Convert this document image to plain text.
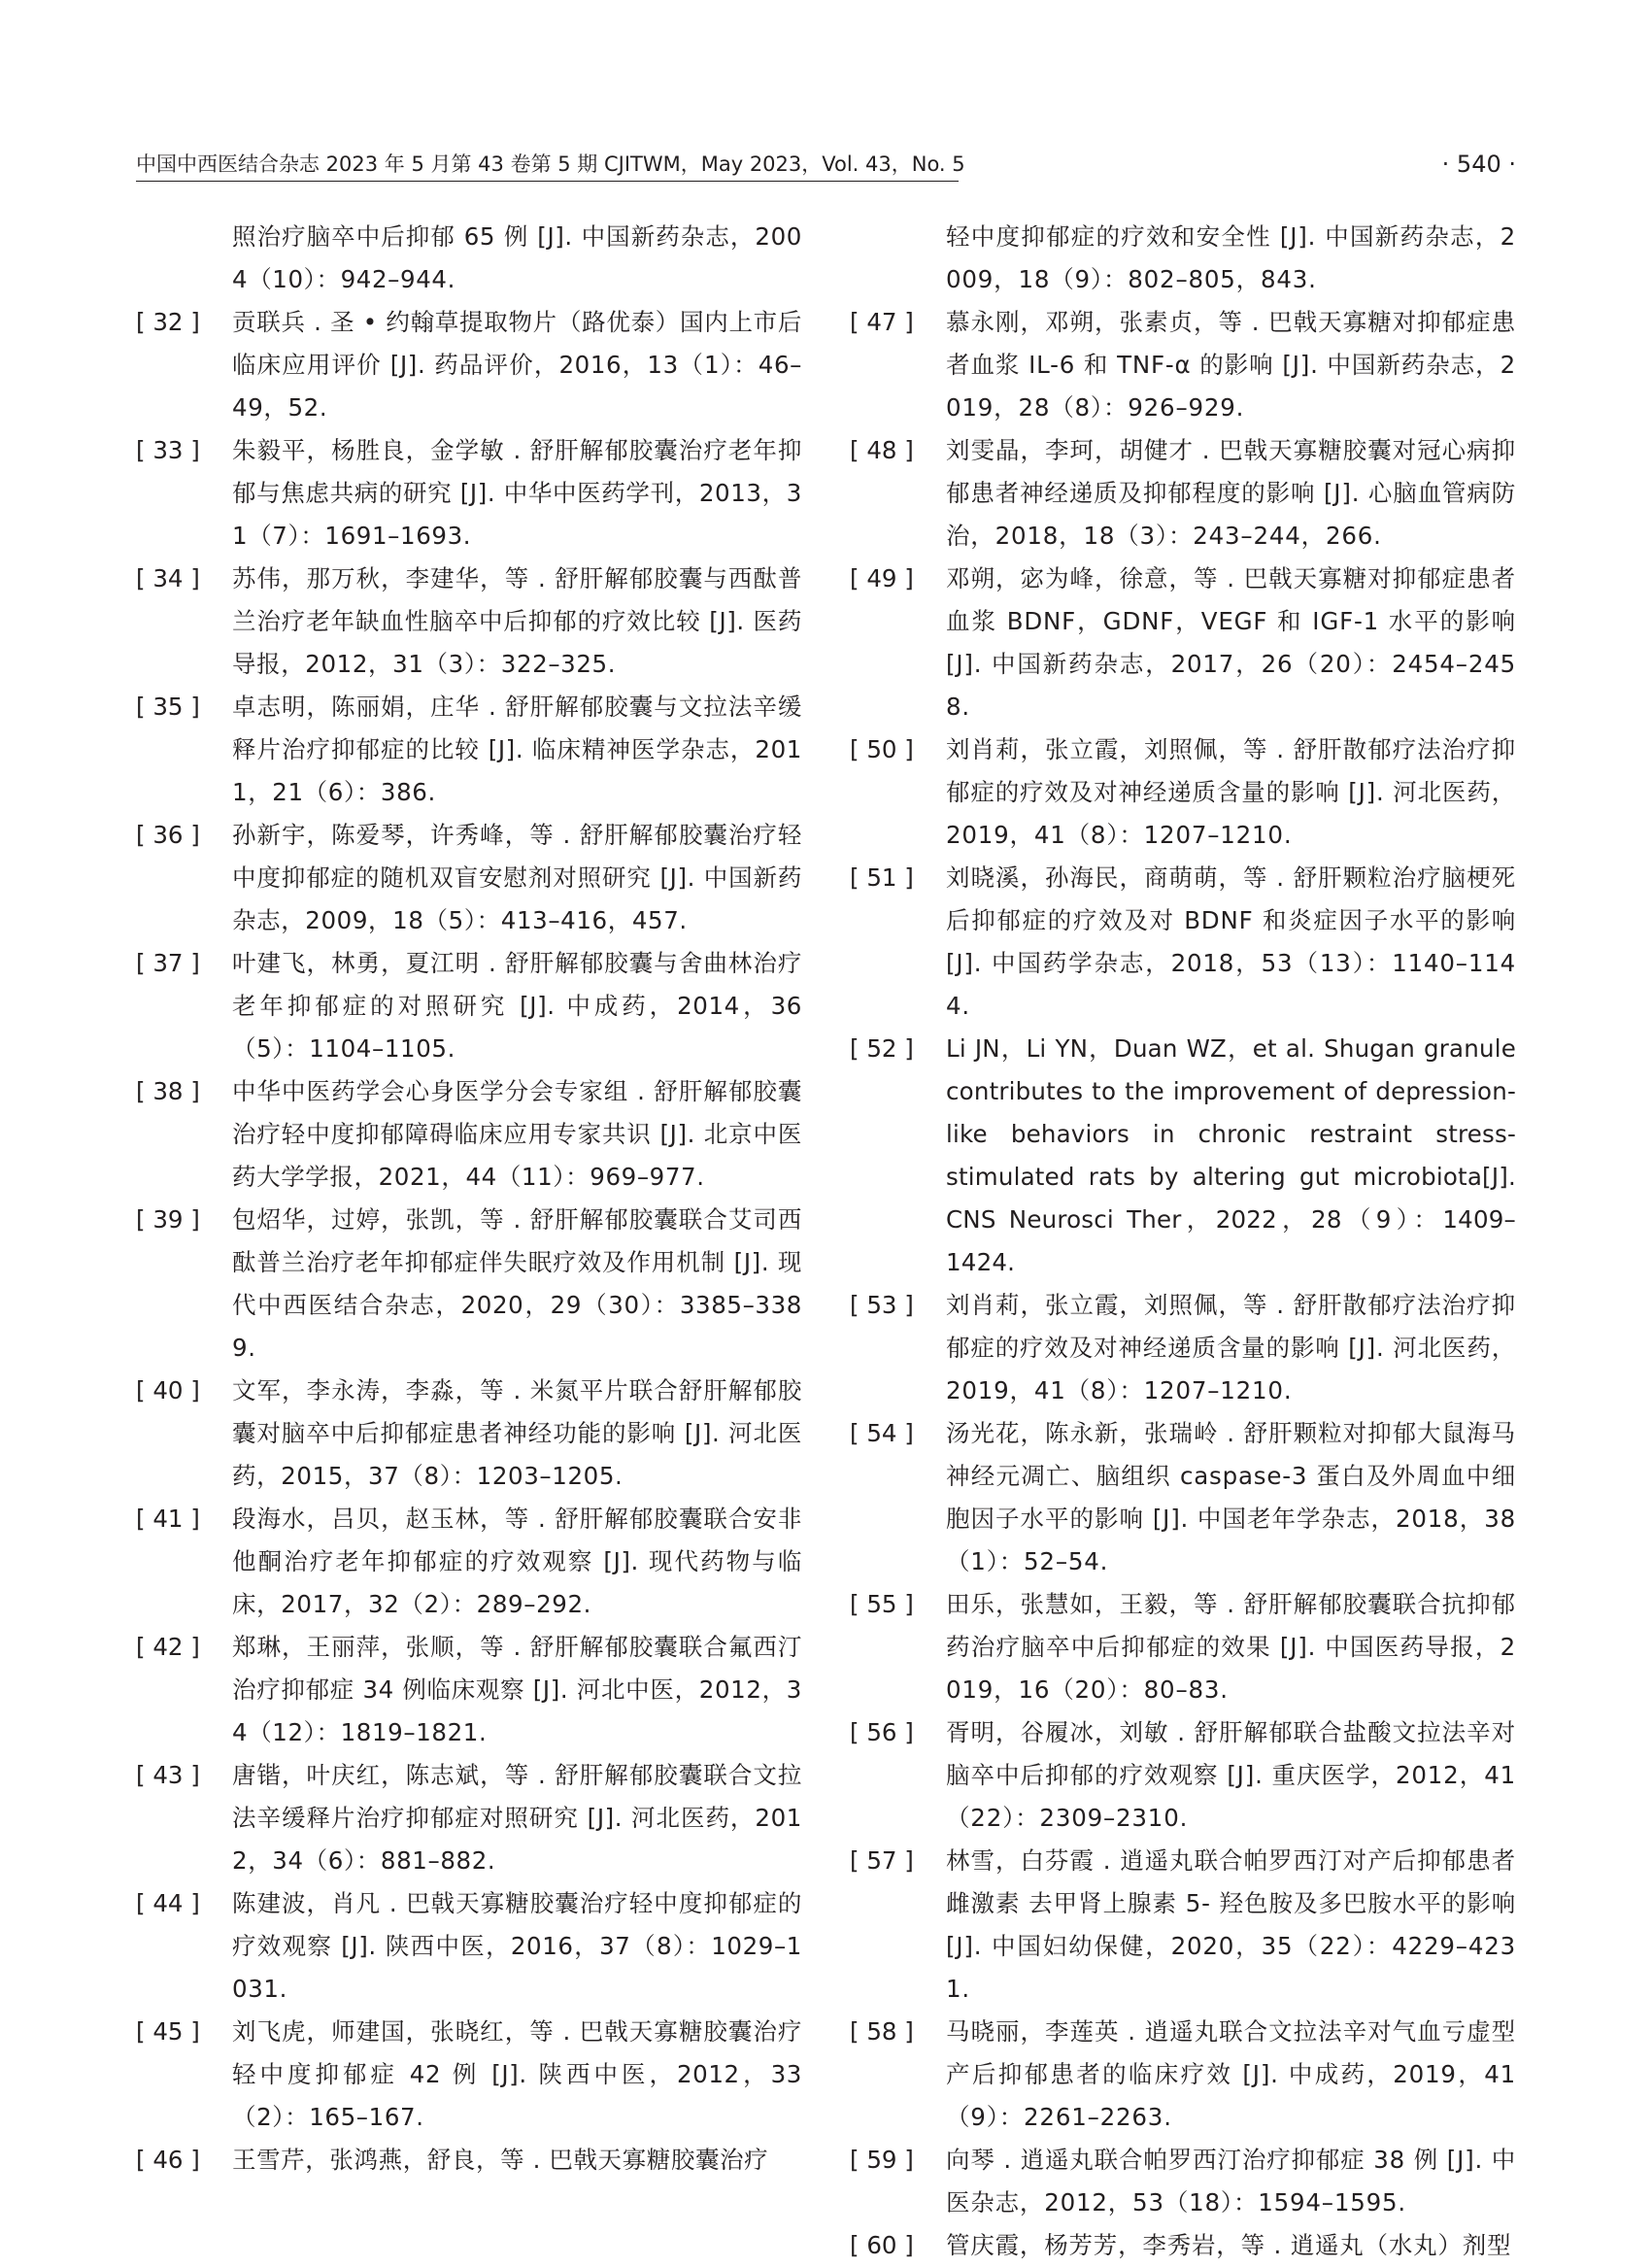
中国中西医结合杂志 2023 年 5 月第 43 卷第 5 期 CJITWM，May 2023，Vol. 43，No. 5	· 540 ·
照治疗脑卒中后抑郁 65 例 [J]. 中国新药杂志，2004（10）：942–944.
[ 32 ] 贡联兵 . 圣 • 约翰草提取物片（路优泰）国内上市后临床应用评价 [J]. 药品评价，2016，13（1）：46–49，52.
[ 33 ] 朱毅平，杨胜良，金学敏 . 舒肝解郁胶囊治疗老年抑郁与焦虑共病的研究 [J]. 中华中医药学刊，2013，31（7）：1691–1693.
[ 34 ] 苏伟，那万秋，李建华，等 . 舒肝解郁胶囊与西酞普兰治疗老年缺血性脑卒中后抑郁的疗效比较 [J]. 医药导报，2012，31（3）：322–325.
[ 35 ] 卓志明，陈丽娟，庄华 . 舒肝解郁胶囊与文拉法辛缓释片治疗抑郁症的比较 [J]. 临床精神医学杂志，2011，21（6）：386.
[ 36 ] 孙新宇，陈爱琴，许秀峰，等 . 舒肝解郁胶囊治疗轻中度抑郁症的随机双盲安慰剂对照研究 [J]. 中国新药杂志，2009，18（5）：413–416，457.
[ 37 ] 叶建飞，林勇，夏江明 . 舒肝解郁胶囊与舍曲林治疗老年抑郁症的对照研究 [J]. 中成药，2014，36（5）：1104–1105.
[ 38 ] 中华中医药学会心身医学分会专家组 . 舒肝解郁胶囊治疗轻中度抑郁障碍临床应用专家共识 [J]. 北京中医药大学学报，2021，44（11）：969–977.
[ 39 ] 包炤华，过婷，张凯，等 . 舒肝解郁胶囊联合艾司西酞普兰治疗老年抑郁症伴失眠疗效及作用机制 [J]. 现代中西医结合杂志，2020，29（30）：3385–3389.
[ 40 ] 文军，李永涛，李淼，等 . 米氮平片联合舒肝解郁胶囊对脑卒中后抑郁症患者神经功能的影响 [J]. 河北医药，2015，37（8）：1203–1205.
[ 41 ] 段海水，吕贝，赵玉林，等 . 舒肝解郁胶囊联合安非他酮治疗老年抑郁症的疗效观察 [J]. 现代药物与临床，2017，32（2）：289–292.
[ 42 ] 郑琳，王丽萍，张顺，等 . 舒肝解郁胶囊联合氟西汀治疗抑郁症 34 例临床观察 [J]. 河北中医，2012，34（12）：1819–1821.
[ 43 ] 唐锴，叶庆红，陈志斌，等 . 舒肝解郁胶囊联合文拉法辛缓释片治疗抑郁症对照研究 [J]. 河北医药，2012，34（6）：881–882.
[ 44 ] 陈建波，肖凡 . 巴戟天寡糖胶囊治疗轻中度抑郁症的疗效观察 [J]. 陕西中医，2016，37（8）：1029–1031.
[ 45 ] 刘飞虎，师建国，张晓红，等 . 巴戟天寡糖胶囊治疗轻中度抑郁症 42 例 [J]. 陕西中医，2012，33（2）：165–167.
[ 46 ] 王雪芹，张鸿燕，舒良，等 . 巴戟天寡糖胶囊治疗
轻中度抑郁症的疗效和安全性 [J]. 中国新药杂志，2009，18（9）：802–805，843.
[ 47 ] 慕永刚，邓朔，张素贞，等 . 巴戟天寡糖对抑郁症患者血浆 IL-6 和 TNF-α 的影响 [J]. 中国新药杂志，2019，28（8）：926–929.
[ 48 ] 刘雯晶，李珂，胡健才 . 巴戟天寡糖胶囊对冠心病抑郁患者神经递质及抑郁程度的影响 [J]. 心脑血管病防治，2018，18（3）：243–244，266.
[ 49 ] 邓朔，宓为峰，徐意，等 . 巴戟天寡糖对抑郁症患者血浆 BDNF，GDNF，VEGF 和 IGF-1 水平的影响 [J]. 中国新药杂志，2017，26（20）：2454–2458.
[ 50 ] 刘肖莉，张立霞，刘照佩，等 . 舒肝散郁疗法治疗抑郁症的疗效及对神经递质含量的影响 [J]. 河北医药，2019，41（8）：1207–1210.
[ 51 ] 刘晓溪，孙海民，商萌萌，等 . 舒肝颗粒治疗脑梗死后抑郁症的疗效及对 BDNF 和炎症因子水平的影响 [J]. 中国药学杂志，2018，53（13）：1140–1144.
[ 52 ] Li JN，Li YN，Duan WZ，et al. Shugan granule contributes to the improvement of depression-like behaviors in chronic restraint stress-stimulated rats by altering gut microbiota[J]. CNS Neurosci Ther，2022，28（9）：1409–1424.
[ 53 ] 刘肖莉，张立霞，刘照佩，等 . 舒肝散郁疗法治疗抑郁症的疗效及对神经递质含量的影响 [J]. 河北医药，2019，41（8）：1207–1210.
[ 54 ] 汤光花，陈永新，张瑞岭 . 舒肝颗粒对抑郁大鼠海马神经元凋亡、脑组织 caspase-3 蛋白及外周血中细胞因子水平的影响 [J]. 中国老年学杂志，2018，38（1）：52–54.
[ 55 ] 田乐，张慧如，王毅，等 . 舒肝解郁胶囊联合抗抑郁药治疗脑卒中后抑郁症的效果 [J]. 中国医药导报，2019，16（20）：80–83.
[ 56 ] 胥明，谷履冰，刘敏 . 舒肝解郁联合盐酸文拉法辛对脑卒中后抑郁的疗效观察 [J]. 重庆医学，2012，41（22）：2309–2310.
[ 57 ] 林雪，白芬霞 . 逍遥丸联合帕罗西汀对产后抑郁患者雌激素 去甲肾上腺素 5- 羟色胺及多巴胺水平的影响 [J]. 中国妇幼保健，2020，35（22）：4229–4231.
[ 58 ] 马晓丽，李莲英 . 逍遥丸联合文拉法辛对气血亏虚型产后抑郁患者的临床疗效 [J]. 中成药，2019，41（9）：2261–2263.
[ 59 ] 向琴 . 逍遥丸联合帕罗西汀治疗抑郁症 38 例 [J]. 中医杂志，2012，53（18）：1594–1595.
[ 60 ] 管庆霞，杨芳芳，李秀岩，等 . 逍遥丸（水丸）剂型
